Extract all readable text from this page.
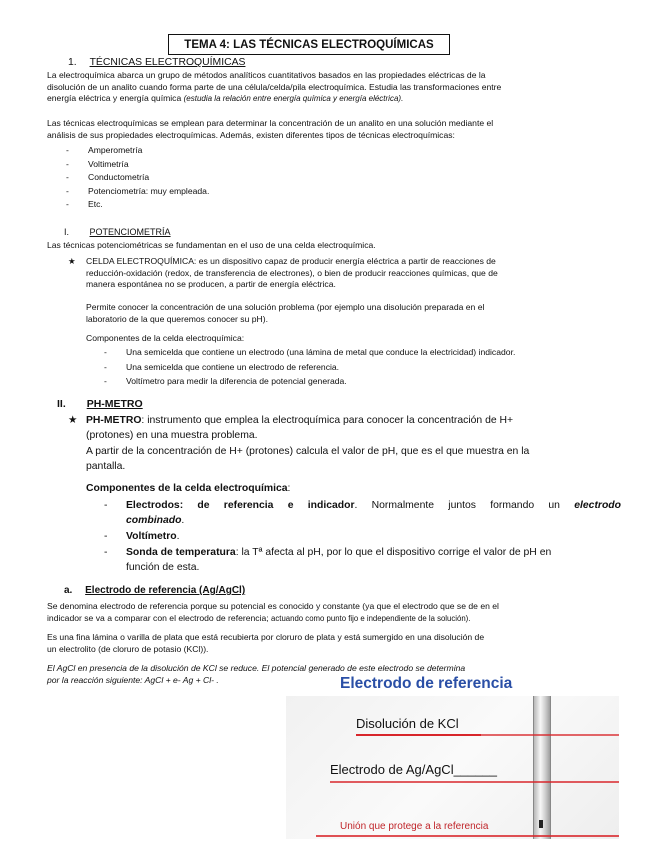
TEMA 4: LAS TÉCNICAS ELECTROQUÍMICAS
1. TÉCNICAS ELECTROQUÍMICAS
La electroquímica abarca un grupo de métodos analíticos cuantitativos basados en las propiedades eléctricas de la
disolución de un analito cuando forma parte de una célula/celda/pila electroquímica. Estudia las transformaciones entre
energía eléctrica y energía química (estudia la relación entre energía química y energía eléctrica).
Las técnicas electroquímicas se emplean para determinar la concentración de un analito en una solución mediante el
análisis de sus propiedades electroquímicas. Además, existen diferentes tipos de técnicas electroquímicas:
- Amperometría
- Voltimetría
- Conductometría
- Potenciometría: muy empleada.
- Etc.
I. POTENCIOMETRÍA
Las técnicas potenciométricas se fundamentan en el uso de una celda electroquímica.
★ CELDA ELECTROQUÍMICA: es un dispositivo capaz de producir energía eléctrica a partir de reacciones de
reducción-oxidación (redox, de transferencia de electrones), o bien de producir reacciones químicas, que de
manera espontánea no se producen, a partir de energía eléctrica.
Permite conocer la concentración de una solución problema (por ejemplo una disolución preparada en el
laboratorio de la que queremos conocer su pH).
Componentes de la celda electroquímica:
- Una semicelda que contiene un electrodo (una lámina de metal que conduce la electricidad) indicador.
- Una semicelda que contiene un electrodo de referencia.
- Voltímetro para medir la diferencia de potencial generada.
II. PH-METRO
★ PH-METRO: instrumento que emplea la electroquímica para conocer la concentración de H+
(protones) en una muestra problema.
A partir de la concentración de H+ (protones) calcula el valor de pH, que es el que muestra en la
pantalla.
Componentes de la celda electroquímica:
- Electrodos: de referencia e indicador. Normalmente juntos formando un electrodo
combinado.
- Voltímetro.
- Sonda de temperatura: la Tª afecta al pH, por lo que el dispositivo corrige el valor de pH en
función de esta.
a. Electrodo de referencia (Ag/AgCl)
Se denomina electrodo de referencia porque su potencial es conocido y constante (ya que el electrodo que se de en el
indicador se va a comparar con el electrodo de referencia; actuando como punto fijo e independiente de la solución).
Es una fina lámina o varilla de plata que está recubierta por cloruro de plata y está sumergido en una disolución de
un electrolito (de cloruro de potasio (KCl)).
El AgCl en presencia de la disolución de KCl se reduce. El potencial generado de este electrodo se determina
por la reacción siguiente: AgCl + e- Ag + Cl- .	Electrodo de referencia
Disolución de KCl
Electrodo de Ag/AgCl______
Unión que protege a la referencia
